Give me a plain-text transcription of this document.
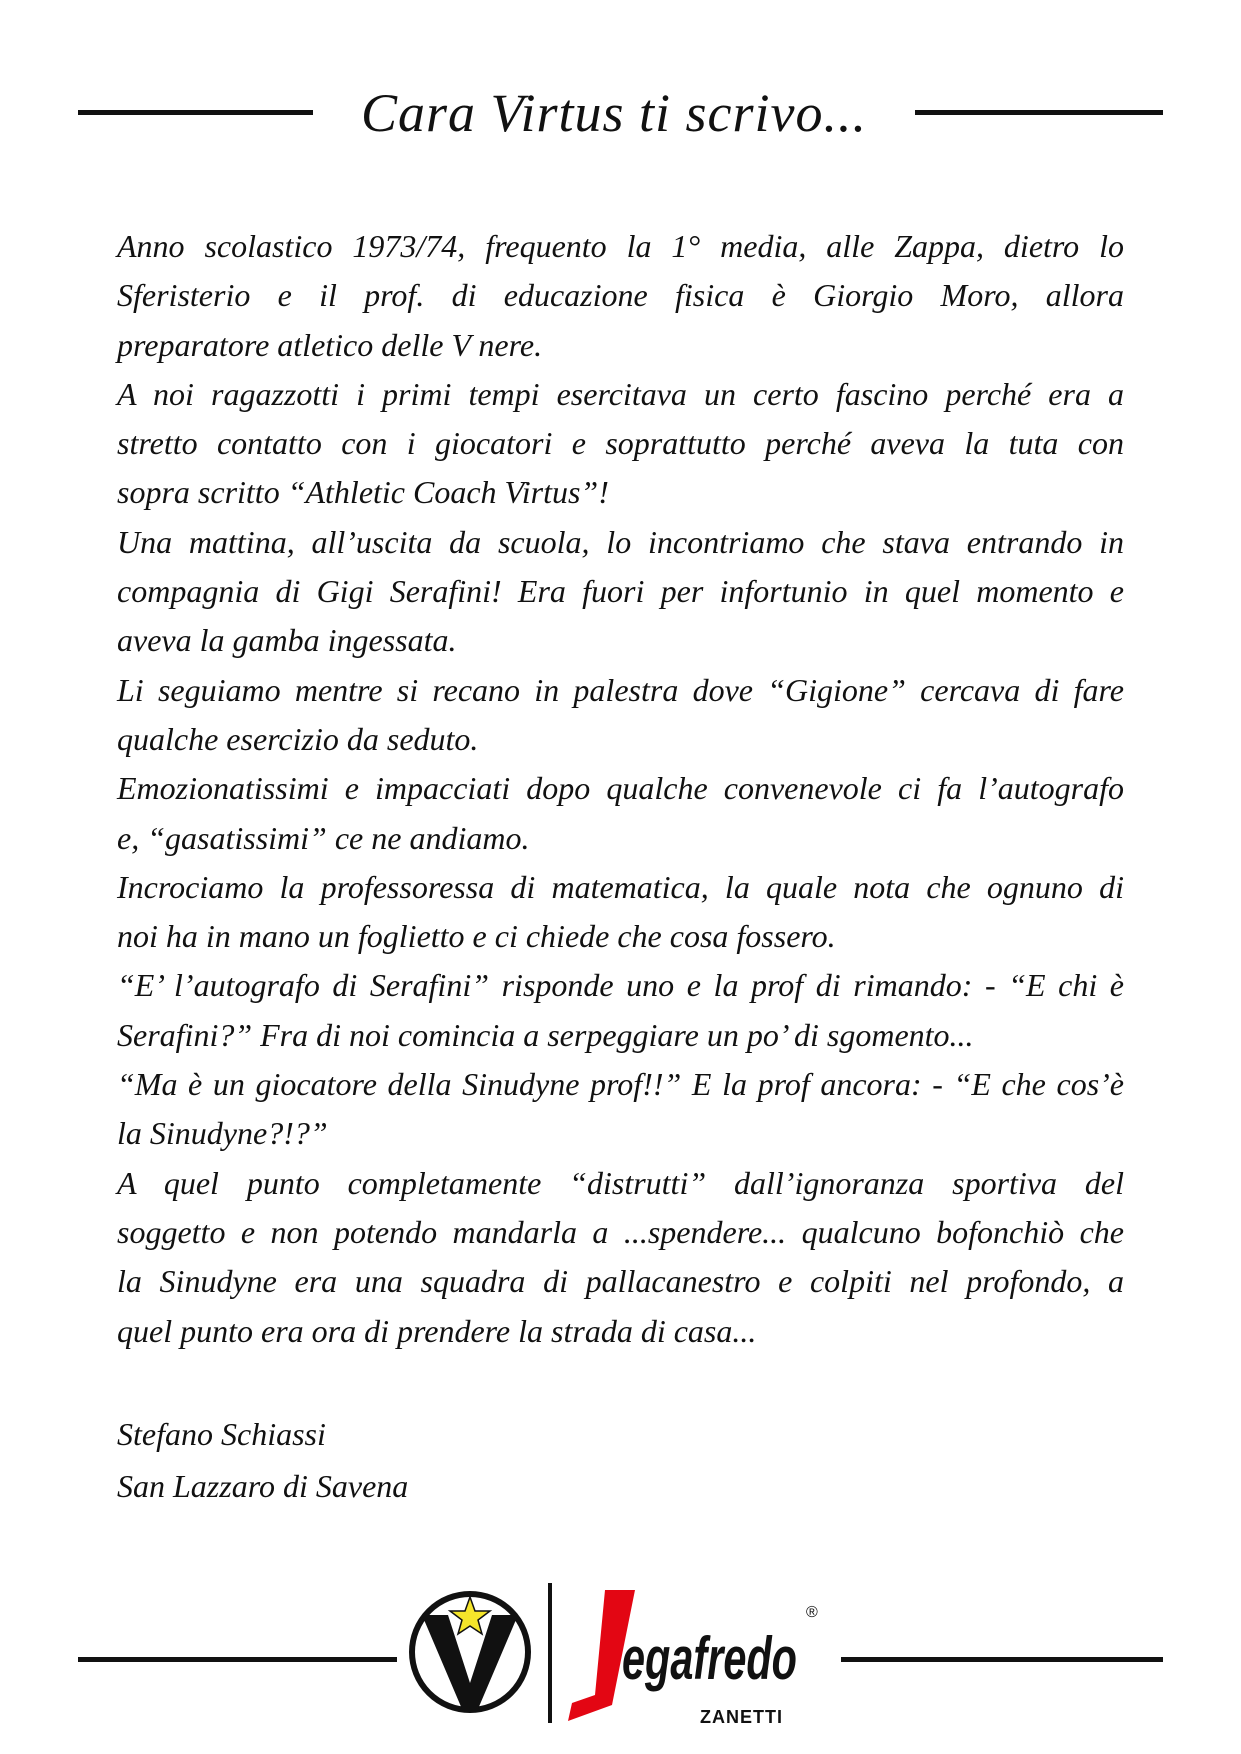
Cara Virtus ti scrivo...
Anno scolastico 1973/74, frequento la 1° media, alle Zappa, dietro lo
Sferisterio e il prof. di educazione fisica è Giorgio Moro, allora
preparatore atletico delle V nere.
A noi ragazzotti i primi tempi esercitava un certo fascino perché era a
stretto contatto con i giocatori e soprattutto perché aveva la tuta con
sopra scritto “Athletic Coach Virtus”!
Una mattina, all’uscita da scuola, lo incontriamo che stava entrando in
compagnia di Gigi Serafini! Era fuori per infortunio in quel momento e
aveva la gamba ingessata.
Li seguiamo mentre si recano in palestra dove “Gigione” cercava di fare
qualche esercizio da seduto.
Emozionatissimi e impacciati dopo qualche convenevole ci fa l’autografo
e, “gasatissimi” ce ne andiamo.
Incrociamo la professoressa di matematica, la quale nota che ognuno di
noi ha in mano un foglietto e ci chiede che cosa fossero.
“E’ l’autografo di Serafini” risponde uno e la prof di rimando: - “E chi è
Serafini?” Fra di noi comincia a serpeggiare un po’ di sgomento...
“Ma è un giocatore della Sinudyne prof!!” E la prof ancora: - “E che cos’è
la Sinudyne?!?”
A quel punto completamente “distrutti” dall’ignoranza sportiva del
soggetto e non potendo mandarla a ...spendere... qualcuno bofonchiò che
la Sinudyne era una squadra di pallacanestro e colpiti nel profondo, a
quel punto era ora di prendere la strada di casa...
Stefano Schiassi
San Lazzaro di Savena
egafredo
ZANETTI
®
